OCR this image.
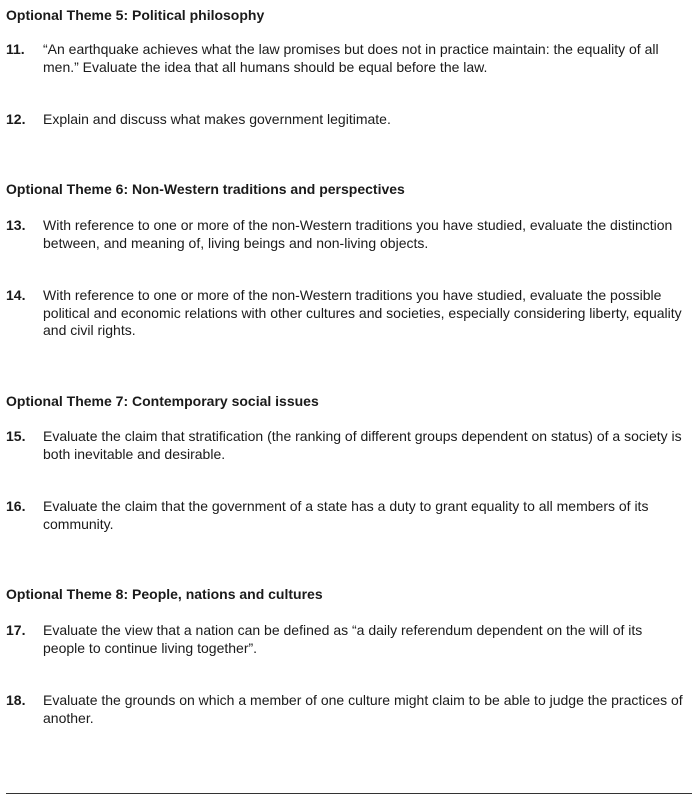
Optional Theme 5: Political philosophy
11.	“An earthquake achieves what the law promises but does not in practice maintain: the equality of all men.” Evaluate the idea that all humans should be equal before the law.
12.	Explain and discuss what makes government legitimate.
Optional Theme 6: Non-Western traditions and perspectives
13.	With reference to one or more of the non-Western traditions you have studied, evaluate the distinction between, and meaning of, living beings and non-living objects.
14.	With reference to one or more of the non-Western traditions you have studied, evaluate the possible political and economic relations with other cultures and societies, especially considering liberty, equality and civil rights.
Optional Theme 7: Contemporary social issues
15.	Evaluate the claim that stratification (the ranking of different groups dependent on status) of a society is both inevitable and desirable.
16.	Evaluate the claim that the government of a state has a duty to grant equality to all members of its community.
Optional Theme 8: People, nations and cultures
17.	Evaluate the view that a nation can be defined as “a daily referendum dependent on the will of its people to continue living together”.
18.	Evaluate the grounds on which a member of one culture might claim to be able to judge the practices of another.
